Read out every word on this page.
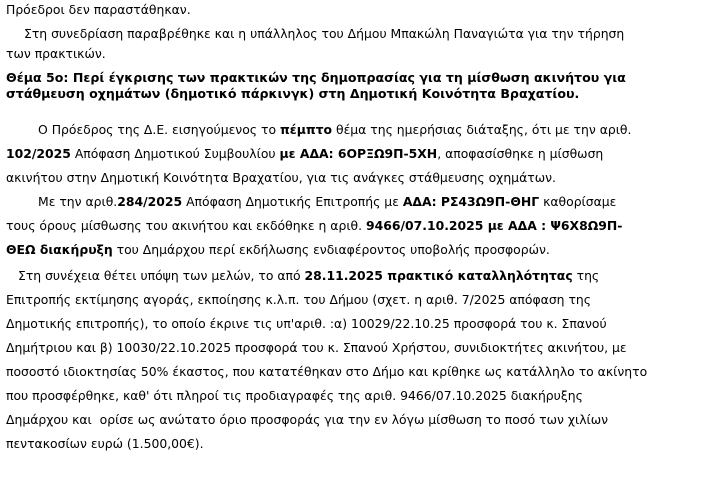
Πρόεδροι δεν παραστάθηκαν.
Στη συνεδρίαση παραβρέθηκε και η υπάλληλος του Δήμου Μπακώλη Παναγιώτα για την τήρηση
των πρακτικών.
Θέμα 5ο: Περί έγκρισης των πρακτικών της δημοπρασίας για τη μίσθωση ακινήτου για
στάθμευση οχημάτων (δημοτικό πάρκινγκ) στη Δημοτική Κοινότητα Βραχατίου.
Ο Πρόεδρος της Δ.Ε. εισηγούμενος το πέμπτο θέμα της ημερήσιας διάταξης, ότι με την αριθ.
102/2025 Απόφαση Δημοτικού Συμβουλίου με ΑΔΑ: 6ΟΡΞΩ9Π-5ΧΗ, αποφασίσθηκε η μίσθωση
ακινήτου στην Δημοτική Κοινότητα Βραχατίου, για τις ανάγκες στάθμευσης οχημάτων.
Με την αριθ.284/2025 Απόφαση Δημοτικής Επιτροπής με ΑΔΑ: ΡΣ43Ω9Π-ΘΗΓ καθορίσαμε
τους όρους μίσθωσης του ακινήτου και εκδόθηκε η αριθ. 9466/07.10.2025 με ΑΔΑ : Ψ6Χ8Ω9Π-
ΘΕΩ διακήρυξη του Δημάρχου περί εκδήλωσης ενδιαφέροντος υποβολής προσφορών.
Στη συνέχεια θέτει υπόψη των μελών, το από 28.11.2025 πρακτικό καταλληλότητας της
Επιτροπής εκτίμησης αγοράς, εκποίησης κ.λ.π. του Δήμου (σχετ. η αριθ. 7/2025 απόφαση της
Δημοτικής επιτροπής), το οποίο έκρινε τις υπ'αριθ. :α) 10029/22.10.25 προσφορά του κ. Σπανού
Δημήτριου και β) 10030/22.10.2025 προσφορά του κ. Σπανού Χρήστου, συνιδιοκτήτες ακινήτου, με
ποσοστό ιδιοκτησίας 50% έκαστος, που κατατέθηκαν στο Δήμο και κρίθηκε ως κατάλληλο το ακίνητο
που προσφέρθηκε, καθ' ότι πληροί τις προδιαγραφές της αριθ. 9466/07.10.2025 διακήρυξης
Δημάρχου και  ορίσε ως ανώτατο όριο προσφοράς για την εν λόγω μίσθωση το ποσό των χιλίων
πεντακοσίων ευρώ (1.500,00€).
